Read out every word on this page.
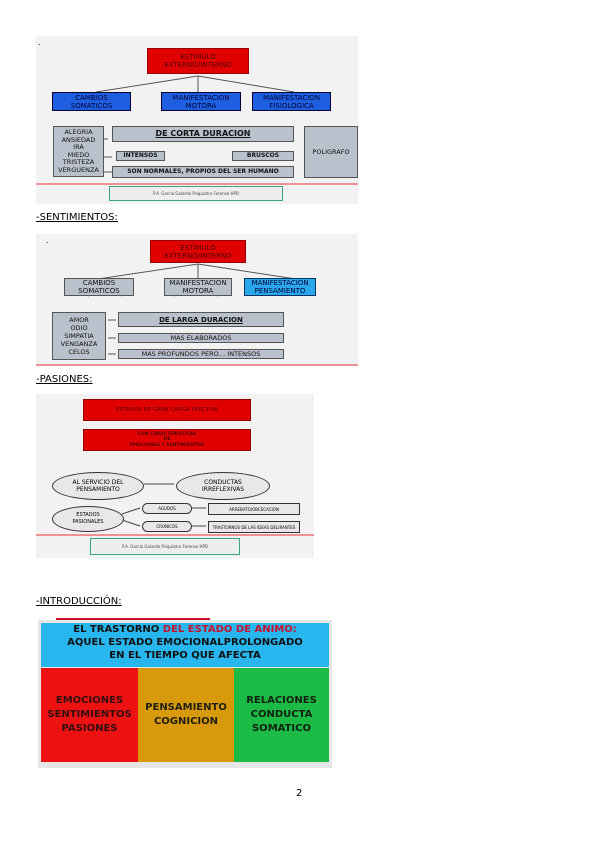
.
ESTIMULO
EXTERNO/INTERNO
CAMBIOS
SOMATICOS
MANIFESTACION
MOTORA
MANIFESTACION
FISIOLOGICA
ALEGRIA
ANSIEDAD
IRA
MIEDO
TRISTEZA
VERGUENZA
DE CORTA DURACION
INTENSOS	BRUSCOS
SON NORMALES, PROPIOS DEL SER HUMANO
POLIGRAFO
P.A. García Galardo Psiquiatra Forense HPD
-SENTIMIENTOS:
.
ESTIMULO
EXTERNO/INTERNO
CAMBIOS
SOMATICOS
MANIFESTACION
MOTORA
MANIFESTACION
PENSAMIENTO
AMOR
ODIO
SIMPATIA
VENGANZA
CELOS
DE LARGA DURACION
MAS ELABORADOS
MAS PROFUNDOS PERO… INTENSOS
-PASIONES:
ESTADOS DE GRAN CARGA AFECTIVA
CON CARACTERISTICAS
DE
EMOCIONES Y SENTIMIENTOS
AL SERVICIO DEL
PENSAMIENTO
CONDUCTAS
IRREFLEXIVAS
ESTADOS
PASIONALES
AGUDOS
CRONICOS
ARREBATO/OBCECACION
TRASTORNOS DE LAS IDEAS DELIRANTES
P.A. García Galardo Psiquiatra Forense HPD
-INTRODUCCIÓN:
EL TRASTORNO DEL ESTADO DE ANIMO:
AQUEL ESTADO EMOCIONALPROLONGADO
EN EL TIEMPO QUE AFECTA
EMOCIONES
SENTIMIENTOS
PASIONES
PENSAMIENTO
COGNICION
RELACIONES
CONDUCTA
SOMATICO
2
